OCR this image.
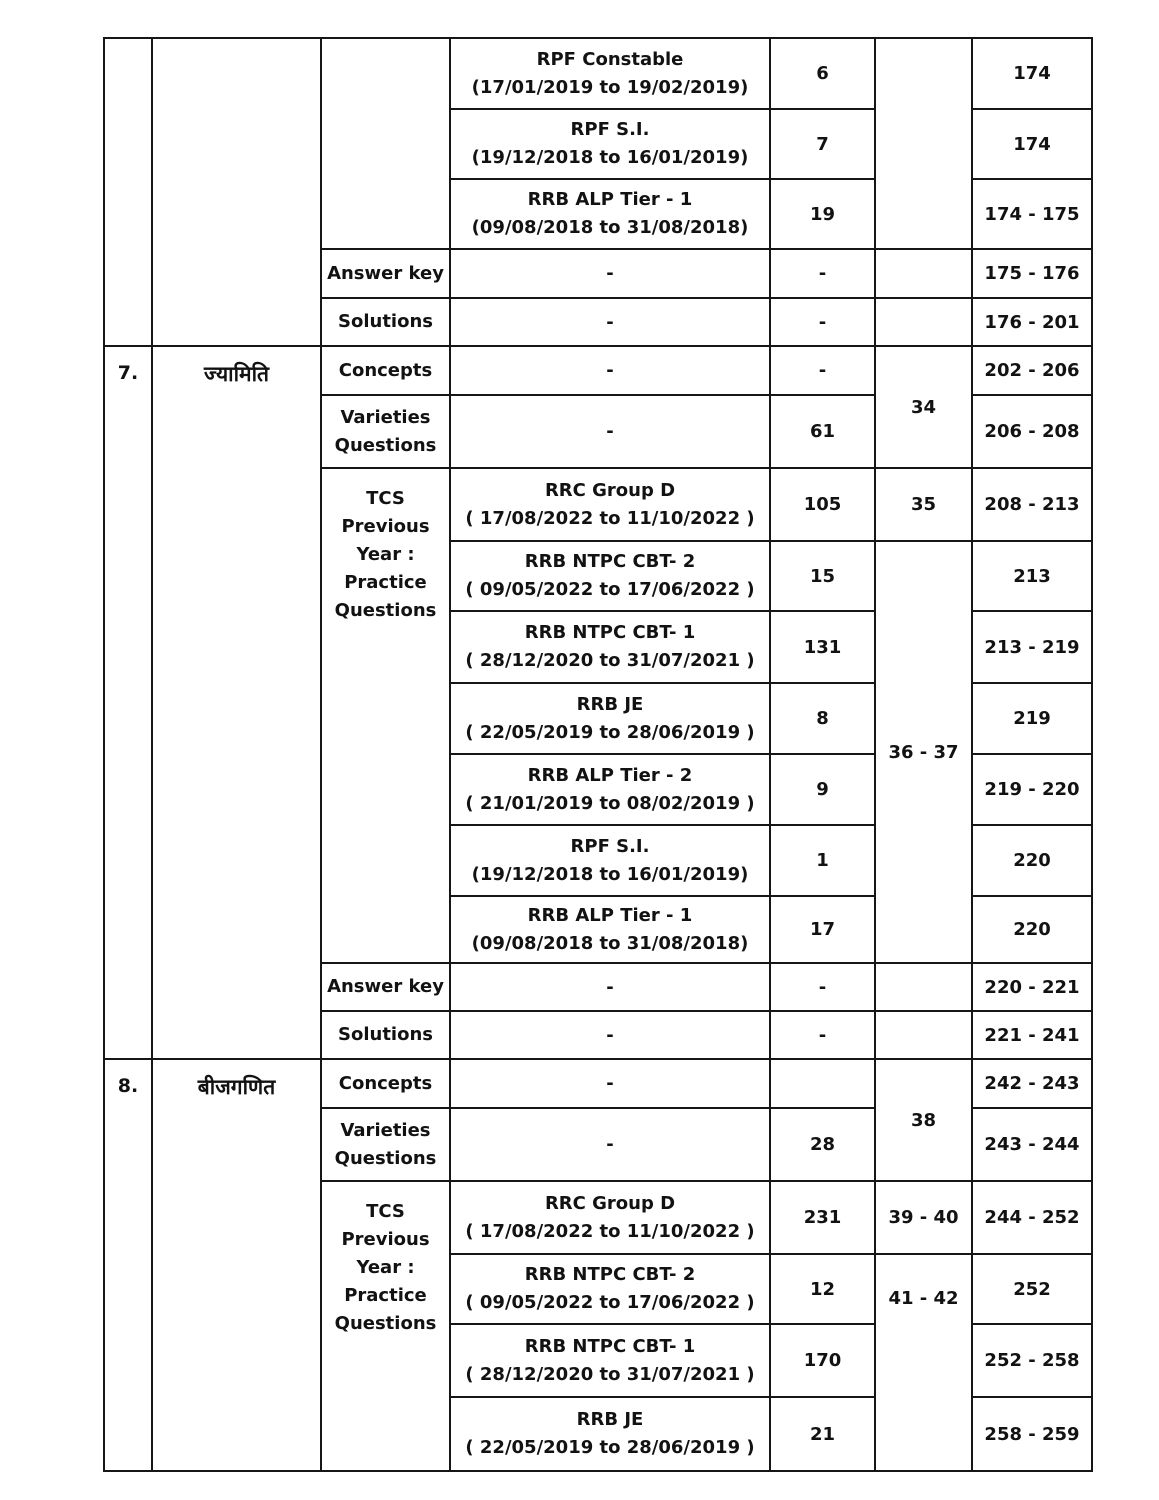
			RPF Constable
(17/01/2019 to 19/02/2019)	6		174

			RPF S.I.
(19/12/2018 to 16/01/2019)	7		174

			RRB ALP Tier - 1
(09/08/2018 to 31/08/2018)	19		174 - 175
		Answer key	-	-		175 - 176
		Solutions	-	-		176 - 201
7.	ज्यामिति	Concepts	-	-	34	202 - 206
		Varieties Questions	-	61		206 - 208
		TCS Previous Year : Practice Questions	RRC Group D
( 17/08/2022 to 11/10/2022 )	105	35	208 - 213

			RRB NTPC CBT- 2
( 09/05/2022 to 17/06/2022 )	15	36 - 37	213

			RRB NTPC CBT- 1
( 28/12/2020 to 31/07/2021 )	131		213 - 219

			RRB JE
( 22/05/2019 to 28/06/2019 )	8		219

			RRB ALP Tier - 2
( 21/01/2019 to 08/02/2019 )	9		219 - 220

			RPF S.I.
(19/12/2018 to 16/01/2019)	1		220

			RRB ALP Tier - 1
(09/08/2018 to 31/08/2018)	17		220
		Answer key	-	-		220 - 221
		Solutions	-	-		221 - 241
8.	बीजगणित	Concepts	-		38	242 - 243
		Varieties Questions	-	28		243 - 244
		TCS Previous Year : Practice Questions	RRC Group D
( 17/08/2022 to 11/10/2022 )	231	39 - 40	244 - 252

			RRB NTPC CBT- 2
( 09/05/2022 to 17/06/2022 )	12	41 - 42	252

			RRB NTPC CBT- 1
( 28/12/2020 to 31/07/2021 )	170		252 - 258

			RRB JE
( 22/05/2019 to 28/06/2019 )	21		258 - 259
